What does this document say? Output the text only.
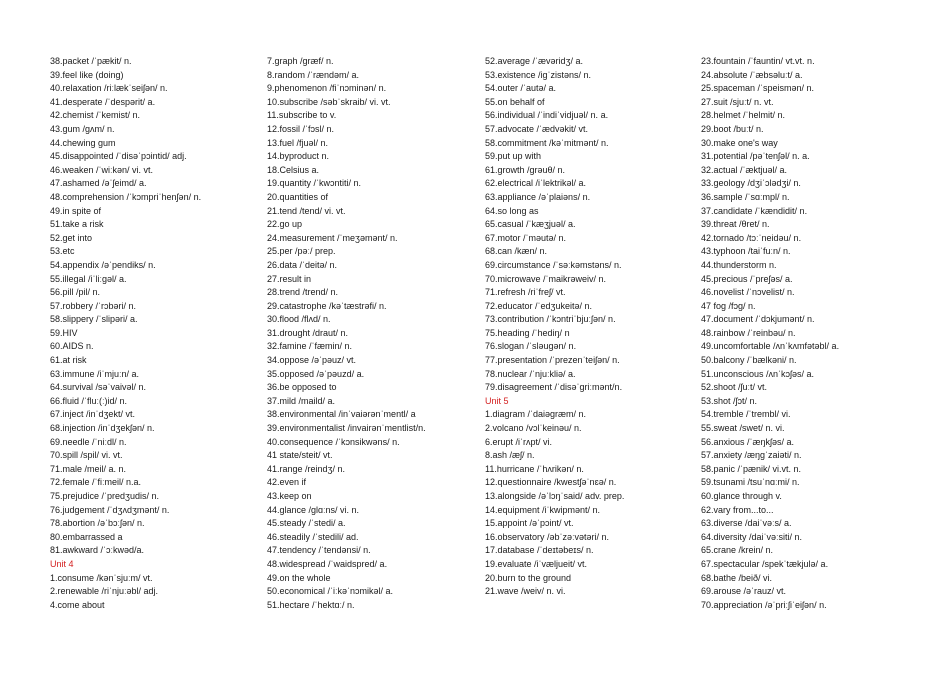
38.packet /ˈpækit/ n.
39.feel like (doing)
40.relaxation /riːlækˈseiʃən/ n.
41.desperate /ˈdespərit/ a.
42.chemist /ˈkemist/ n.
43.gum /gʌm/ n.
44.chewing gum
45.disappointed /ˈdisəˈpɔintid/ adj.
46.weaken /ˈwiːkən/ vi. vt.
47.ashamed /əˈʃeimd/ a.
48.comprehension /ˈkɔmpriˈhenʃən/ n.
49.in spite of
51.take a risk
52.get into
53.etc
54.appendix /əˈpendiks/ n.
55.illegal /iˈliːgəl/ a.
56.pill /pil/ n.
57.robbery /ˈrɔbəri/ n.
58.slippery /ˈslipəri/ a.
59.HIV
60.AIDS n.
61.at risk
63.immune /iˈmjuːn/ a.
64.survival /səˈvaivəl/ n.
66.fluid /ˈfluː(ː)id/ n.
67.inject /inˈdʒekt/ vt.
68.injection /inˈdʒekʃən/ n.
69.needle /ˈniːdl/ n.
70.spill /spil/ vi. vt.
71.male /meil/ a. n.
72.female /ˈfiːmeil/ n.a.
75.prejudice /ˈpredʒudis/ n.
76.judgement /ˈdʒʌdʒmənt/ n.
78.abortion /əˈbɔːʃən/ n.
80.embarrassed a
81.awkward /ˈɔːkwəd/a.
Unit 4
1.consume /kənˈsjuːm/ vt.
2.renewable /riˈnjuːəbl/ adj.
4.come about
7.graph /græf/ n.
8.random /ˈrændəm/ a.
9.phenomenon /fiˈnɔminən/ n.
10.subscribe /səbˈskraib/ vi. vt.
11.subscribe to v.
12.fossil /ˈfɔsl/ n.
13.fuel /fjuəl/ n.
14.byproduct n.
18.Celsius a.
19.quantity /ˈkwɔntiti/ n.
20.quantities of
21.tend /tend/ vi. vt.
22.go up
24.measurement /ˈmeʒəmənt/ n.
25.per /pəː/ prep.
26.data /ˈdeitə/ n.
27.result in
28.trend /trend/ n.
29.catastrophe /kəˈtæstrəfi/ n.
30.flood /flʌd/ n.
31.drought /draut/ n.
32.famine /ˈfæmin/ n.
34.oppose /əˈpəuz/ vt.
35.opposed /əˈpəuzd/ a.
36.be opposed to
37.mild /maild/ a.
38.environmental /inˈvaiərənˈmentl/ a
39.environmentalist /invairənˈmentlist/n.
40.consequence /ˈkɔnsikwəns/ n.
41 state/steit/ vt.
41.range /reindʒ/ n.
42.even if
43.keep on
44.glance /glɑːns/ vi. n.
45.steady /ˈstedi/ a.
46.steadily /ˈstedili/ ad.
47.tendency /ˈtendənsi/ n.
48.widespread /ˈwaidspred/ a.
49.on the whole
50.economical /ˈiːkəˈnɔmikəl/ a.
51.hectare /ˈhektɑː/ n.
52.average /ˈævəridʒ/ a.
53.existence /igˈzistəns/ n.
54.outer /ˈautə/ a.
55.on behalf of
56.individual /ˈindiˈvidjuəl/ n. a.
57.advocate /ˈædvəkit/ vt.
58.commitment /kəˈmitmənt/ n.
59.put up with
61.growth /grəuθ/ n.
62.electrical /iˈlektrikəl/ a.
63.appliance /əˈplaiəns/ n.
64.so long as
65.casual /ˈkæʒjuəl/ a.
67.motor /ˈməutə/ n.
68.can /kæn/ n.
69.circumstance /ˈsəːkəmstəns/ n.
70.microwave /ˈmaikrəweiv/ n.
71.refresh /riˈfreʃ/ vt.
72.educator /ˈedʒukeitə/ n.
73.contribution /ˈkɔntriˈbjuːʃən/ n.
75.heading /ˈhediŋ/ n
76.slogan /ˈsləugən/ n.
77.presentation /ˈprezenˈteiʃən/ n.
78.nuclear /ˈnjuːkliə/ a.
79.disagreement /ˈdisəˈgriːmənt/n.
Unit 5
1.diagram /ˈdaiəgræm/ n.
2.volcano /vɔlˈkeinəu/ n.
6.erupt /iˈrʌpt/ vi.
8.ash /æʃ/ n.
11.hurricane /ˈhʌrikən/ n.
12.questionnaire /kwestʃəˈnɛə/ n.
13.alongside /əˈlɔŋˈsaid/ adv. prep.
14.equipment /iˈkwipmənt/ n.
15.appoint /əˈpɔint/ vt.
16.observatory /əbˈzəːvətəri/ n.
17.database /ˈdeɪtəbeɪs/ n.
19.evaluate /iˈvæljueit/ vt.
20.burn to the ground
21.wave /weiv/ n. vi.
23.fountain /ˈfauntin/ vt.vt. n.
24.absolute /ˈæbsəluːt/ a.
25.spaceman /ˈspeismən/ n.
27.suit /sjuːt/ n. vt.
28.helmet /ˈhelmit/ n.
29.boot /buːt/ n.
30.make one's way
31.potential /pəˈtenʃəl/ n. a.
32.actual /ˈæktjuəl/ a.
33.geology /dʒiˈɔlədʒi/ n.
36.sample /ˈsɑːmpl/ n.
37.candidate /ˈkændidit/ n.
39.threat /θret/ n.
42.tornado /tɔːˈneidəu/ n.
43.typhoon /taiˈfuːn/ n.
44.thunderstorm n.
45.precious /ˈpreʃəs/ a.
46.novelist /ˈnɔvelist/ n.
47 fog /fɔg/ n.
47.document /ˈdɔkjumənt/ n.
48.rainbow /ˈreinbəu/ n.
49.uncomfortable /ʌnˈkʌmfətəbl/ a.
50.balcony /ˈbælkəni/ n.
51.unconscious /ʌnˈkɔʃəs/ a.
52.shoot /ʃuːt/ vt.
53.shot /ʃɔt/ n.
54.tremble /ˈtrembl/ vi.
55.sweat /swet/ n. vi.
56.anxious /ˈæŋkʃəs/ a.
57.anxiety /æŋgˈzaiəti/ n.
58.panic /ˈpænik/ vi.vt. n.
59.tsunami /tsuˈnɑːmi/ n.
60.glance through v.
62.vary from...to...
63.diverse /daiˈvəːs/ a.
64.diversity /daiˈvəːsiti/ n.
65.crane /krein/ n.
67.spectacular /spekˈtækjulə/ a.
68.bathe /beið/ vi.
69.arouse /əˈrauz/ vt.
70.appreciation /əˈpriːʃiˈeiʃən/ n.
